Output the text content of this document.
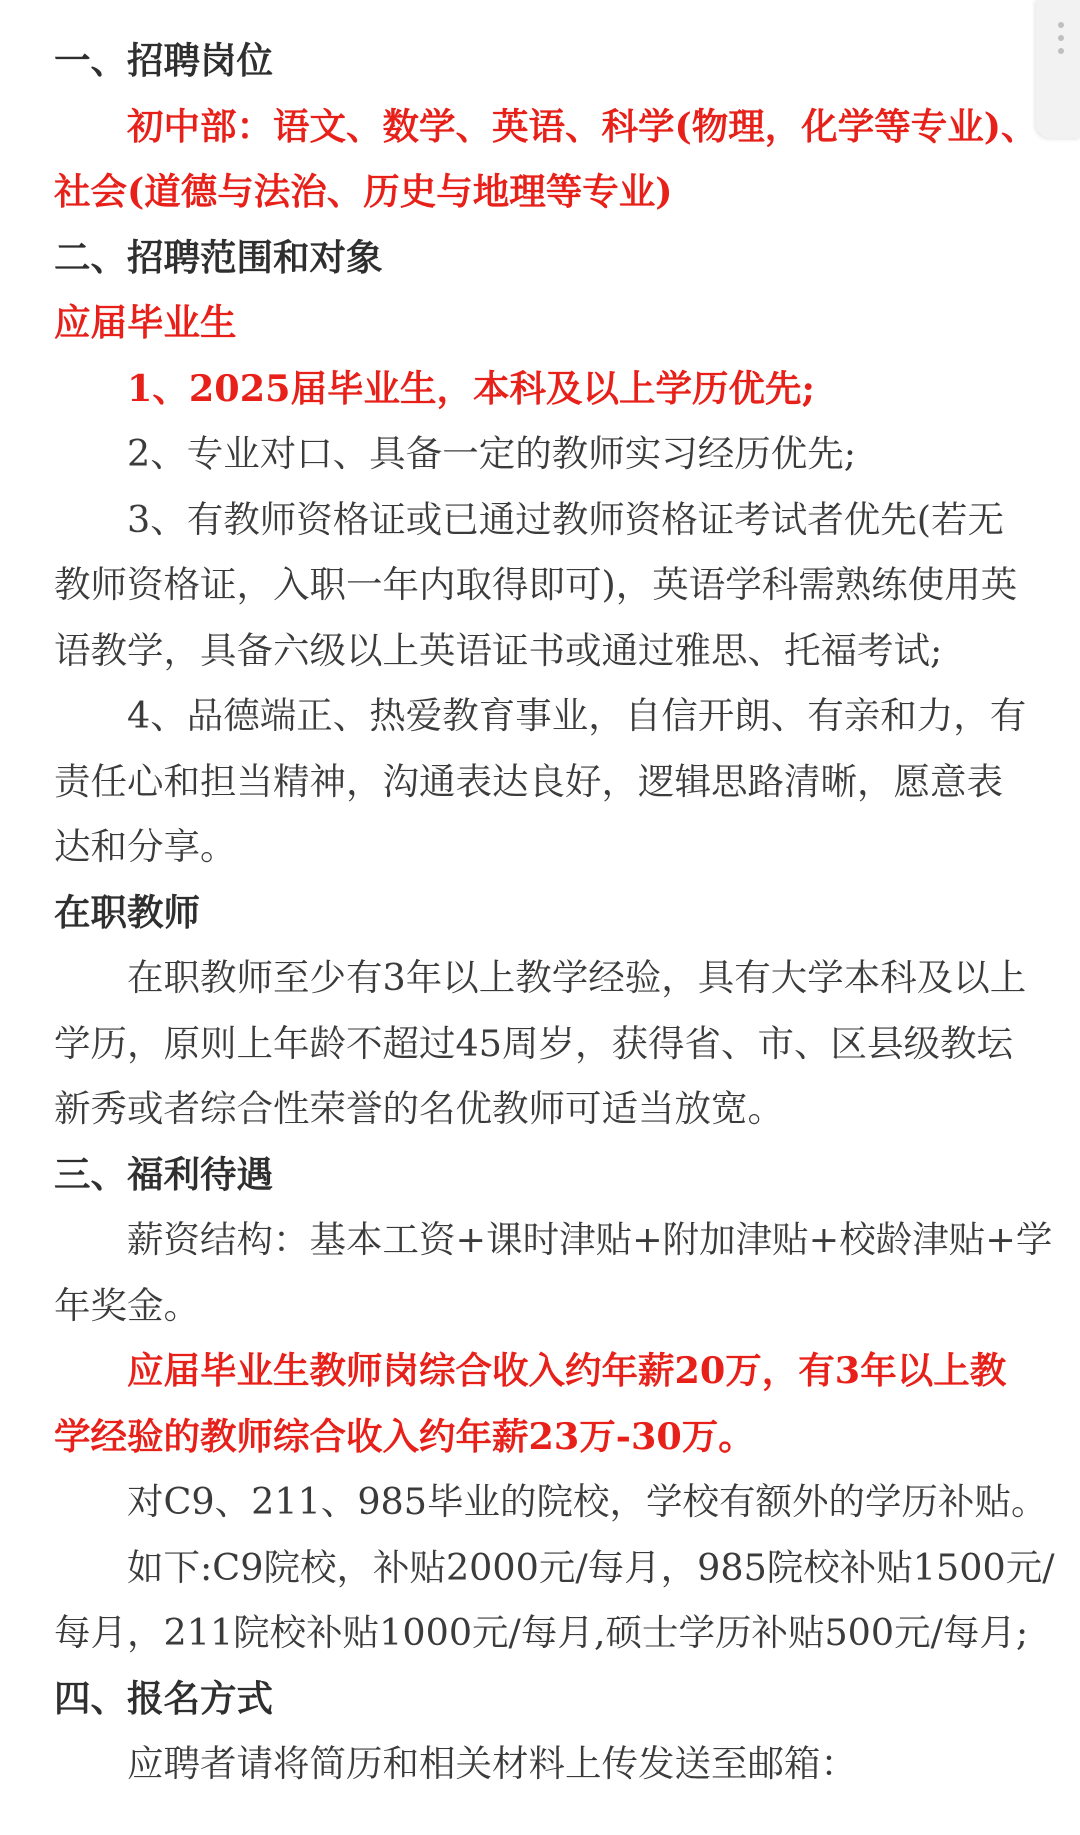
一、招聘岗位
初中部：语文、数学、英语、科学(物理，化学等专业)、
社会(道德与法治、历史与地理等专业)
二、招聘范围和对象
应届毕业生
1、2025届毕业生，本科及以上学历优先;
2、专业对口、具备一定的教师实习经历优先;
3、有教师资格证或已通过教师资格证考试者优先(若无
教师资格证，入职一年内取得即可)，英语学科需熟练使用英
语教学，具备六级以上英语证书或通过雅思、托福考试;
4、品德端正、热爱教育事业，自信开朗、有亲和力，有
责任心和担当精神，沟通表达良好，逻辑思路清晰，愿意表
达和分享。
在职教师
在职教师至少有3年以上教学经验，具有大学本科及以上
学历，原则上年龄不超过45周岁，获得省、市、区县级教坛
新秀或者综合性荣誉的名优教师可适当放宽。
三、福利待遇
薪资结构：基本工资+课时津贴+附加津贴+校龄津贴+学
年奖金。
应届毕业生教师岗综合收入约年薪20万，有3年以上教
学经验的教师综合收入约年薪23万-30万。
对C9、211、985毕业的院校，学校有额外的学历补贴。
如下:C9院校，补贴2000元/每月，985院校补贴1500元/
每月，211院校补贴1000元/每月,硕士学历补贴500元/每月;
四、报名方式
应聘者请将简历和相关材料上传发送至邮箱：
